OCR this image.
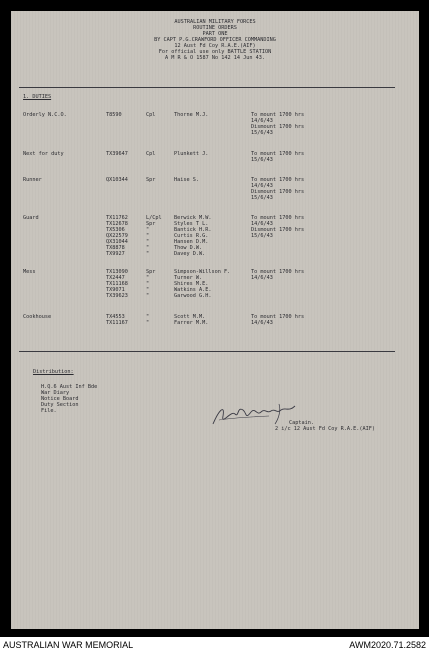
AUSTRALIAN MILITARY FORCES
ROUTINE ORDERS
PART ONE
BY CAPT P.G.CRAWFORD OFFICER COMMANDING
12 Aust Fd Coy R.A.E.(AIF)
For official use only BATTLE STATION
A M R & O 1587 No 142 14 Jun 43.
1. DUTIES
Orderly N.C.O.	T8590	Cpl	Thorne M.J.	To mount 1700 hrs
14/6/43
Dismount 1700 hrs
15/6/43
Next for duty	TX39647	Cpl	Plunkett J.	To mount 1700 hrs
15/6/43
Runner	QX10344	Spr	Haise S.	To mount 1700 hrs
14/6/43
Dismount 1700 hrs
15/6/43
Guard	TX11762	L/Cpl Berwick M.W.	To mount 1700 hrs
14/6/43
TX12678	Spr	Styles T L.
TX5306	"	Bantick H.R.	Dismount 1700 hrs
15/6/43
QX22579	"	Curtis R.G.
QX31044	"	Hansen D.M.
TX8878	"	Thow D.W.
TX9927	"	Davey D.W.
Mess	TX13090	Spr	Simpson-Willson F.	To mount 1700 hrs
14/6/43
TX2447	"	Turner W.
TX11168	"	Shires M.E.
TX9071	"	Watkins A.E.
TX39623	"	Garwood G.H.
Cookhouse	TX4553	"	Scott M.M.	To mount 1700 hrs
14/6/43
TX11167	"	Farrer M.M.
Distribution:
H.Q.6 Aust Inf Bde
War Diary
Notice Board
Duty Section
File.
Captain.
2 i/c 12 Aust Fd Coy R.A.E.(AIF)
AUSTRALIAN WAR MEMORIAL	AWM2020.71.2582
